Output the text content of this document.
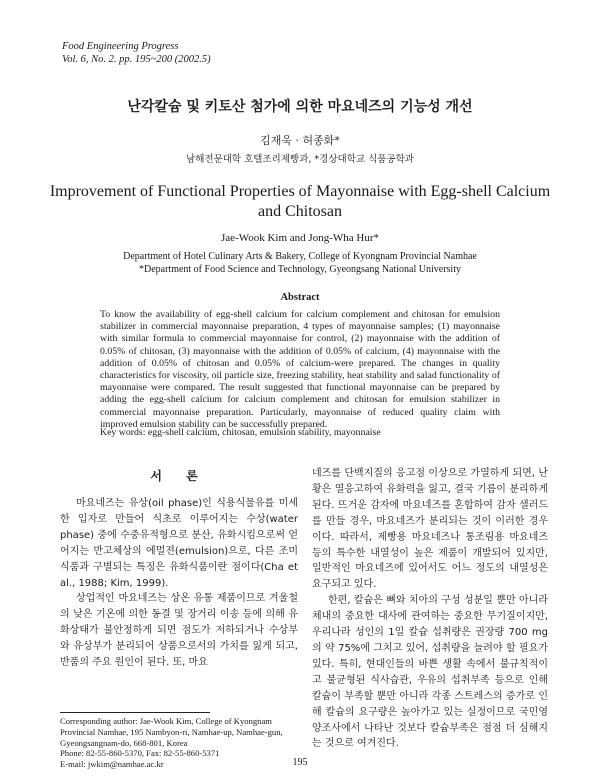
Food Engineering Progress
Vol. 6, No. 2. pp. 195~200 (2002.5)
난각칼슘 및 키토산 첨가에 의한 마요네즈의 기능성 개선
김재욱 · 허종화*
남해전문대학 호텔조리제빵과, *경상대학교 식품공학과
Improvement of Functional Properties of Mayonnaise with Egg-shell Calcium and Chitosan
Jae-Wook Kim and Jong-Wha Hur*
Department of Hotel Culinary Arts & Bakery, College of Kyongnam Provincial Namhae
*Department of Food Science and Technology, Gyeongsang National University
Abstract
To know the availability of egg-shell calcium for calcium complement and chitosan for emulsion stabilizer in commercial mayonnaise preparation, 4 types of mayonnaise samples; (1) mayonnaise with similar formula to commercial mayonnaise for control, (2) mayonnaise with the addition of 0.05% of chitosan, (3) mayonnaise with the addition of 0.05% of calcium, (4) mayonnaise with the addition of 0.05% of chitosan and 0.05% of calcium-were prepared. The changes in quality characteristics for viscosity, oil particle size, freezing stability, heat stability and salad functionality of mayonnaise were compared. The result suggested that functional mayonnaise can be prepared by adding the egg-shell calcium for calcium complement and chitosan for emulsion stabilizer in commercial mayonnaise preparation. Particularly, mayonnaise of reduced quality claim with improved emulsion stability can be successfully prepared.
Key words: egg-shell calcium, chitosan, emulsion stability, mayonnaise
서 론

마요네즈는 유상(oil phase)인 식용식물유를 미세한 입자로 만들어 식초로 이루어지는 수상(water phase) 중에 수중유적형으로 분산, 유화시킴으로써 얻어지는 반고체상의 에멀젼(emulsion)으로, 다른 조미식품과 구별되는 특징은 유화식품이란 점이다(Cha et al., 1988; Kim, 1999).

상업적인 마요네즈는 상온 유통 제품이므로 겨울철의 낮은 기온에 의한 동결 및 장거리 이송 등에 의해 유화상태가 불안정하게 되면 점도가 저하되거나 수상부와 유상부가 분리되어 상품으로서의 가치를 잃게 되고, 반품의 주요 원인이 된다. 또, 마요

네즈를 단백지질의 응고점 이상으로 가열하게 되면, 난황은 열응고하여 유화력을 잃고, 결국 기름이 분리하게 된다. 뜨거운 감자에 마요네즈를 혼합하여 감자 샐러드를 만들 경우, 마요네즈가 분리되는 것이 이러한 경우이다. 따라서, 제빵용 마요네즈나 통조림용 마요네즈 등의 특수한 내열성이 높은 제품이 개발되어 있지만, 일반적인 마요네즈에 있어서도 어느 정도의 내열성은 요구되고 있다.

한편, 칼슘은 뼈와 치아의 구성 성분일 뿐만 아니라 체내의 중요한 대사에 관여하는 중요한 무기질이지만, 우리나라 성인의 1일 칼슘 섭취량은 권장량 700 mg의 약 75%에 그치고 있어, 섭취량을 늘려야 할 필요가 있다. 특히, 현대인들의 바쁜 생활 속에서 불규칙적이고 불균형된 식사습관, 우유의 섭취부족 등으로 인해 칼슘이 부족할 뿐만 아니라 각종 스트레스의 증가로 인해 칼슘의 요구량은 높아가고 있는 실정이므로 국민영양조사에서 나타난 것보다 칼슘부족은 점점 더 심해지는 것으로 여겨진다.

Corresponding author: Jae-Wook Kim, College of Kyongnam Provincial Namhae, 195 Nambyon-ri, Namhae-up, Namhae-gun, Gyeongsangnam-do, 668-801, Korea
Phone: 82-55-860-5370, Fax: 82-55-860-5371
E-mail: jwkim@namhae.ac.kr	195
